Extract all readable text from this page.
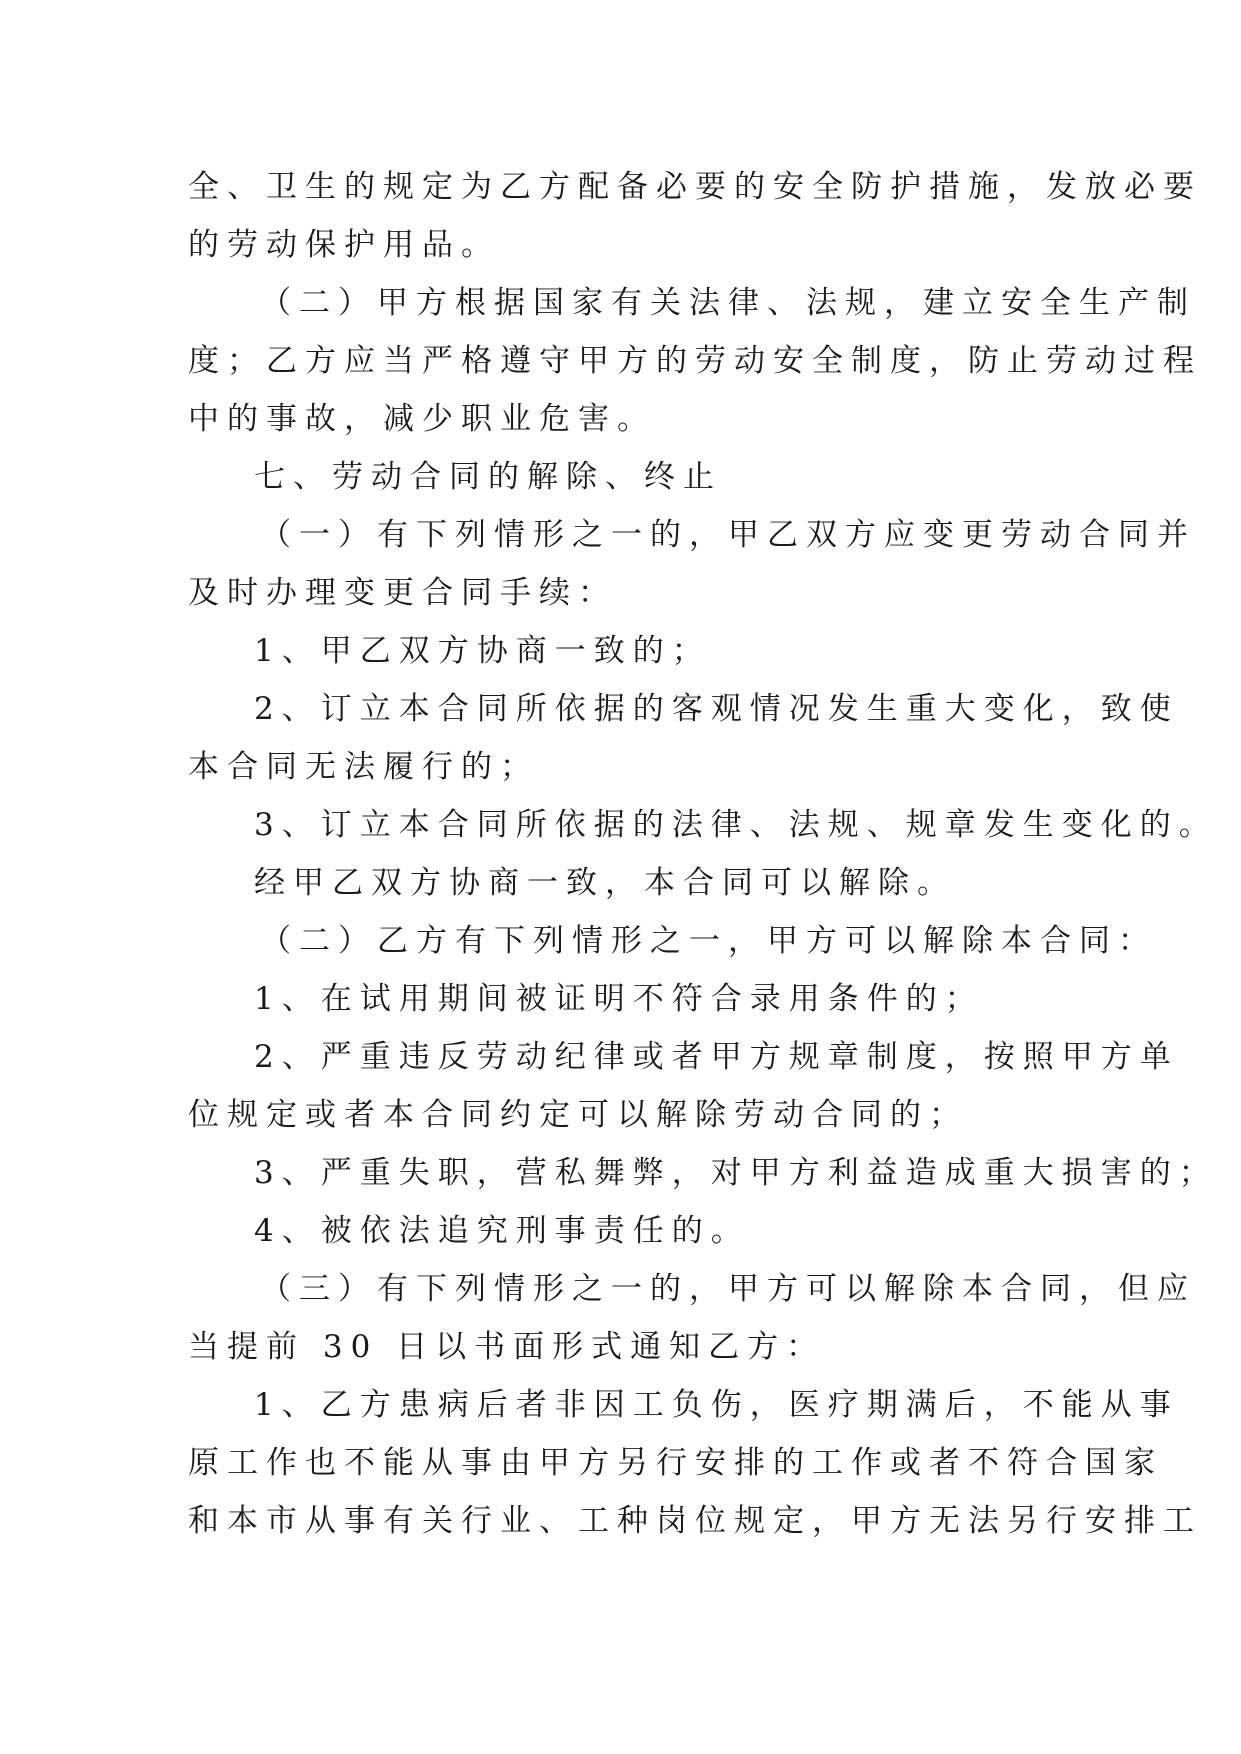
全、卫生的规定为乙方配备必要的安全防护措施，发放必要
的劳动保护用品。
（二）甲方根据国家有关法律、法规，建立安全生产制
度；乙方应当严格遵守甲方的劳动安全制度，防止劳动过程
中的事故，减少职业危害。
七、劳动合同的解除、终止
（一）有下列情形之一的，甲乙双方应变更劳动合同并
及时办理变更合同手续：
1、甲乙双方协商一致的；
2、订立本合同所依据的客观情况发生重大变化，致使
本合同无法履行的；
3、订立本合同所依据的法律、法规、规章发生变化的。
经甲乙双方协商一致，本合同可以解除。
（二）乙方有下列情形之一，甲方可以解除本合同：
1、在试用期间被证明不符合录用条件的；
2、严重违反劳动纪律或者甲方规章制度，按照甲方单
位规定或者本合同约定可以解除劳动合同的；
3、严重失职，营私舞弊，对甲方利益造成重大损害的；
4、被依法追究刑事责任的。
（三）有下列情形之一的，甲方可以解除本合同，但应
当提前 30 日以书面形式通知乙方：
1、乙方患病后者非因工负伤，医疗期满后，不能从事
原工作也不能从事由甲方另行安排的工作或者不符合国家
和本市从事有关行业、工种岗位规定，甲方无法另行安排工
